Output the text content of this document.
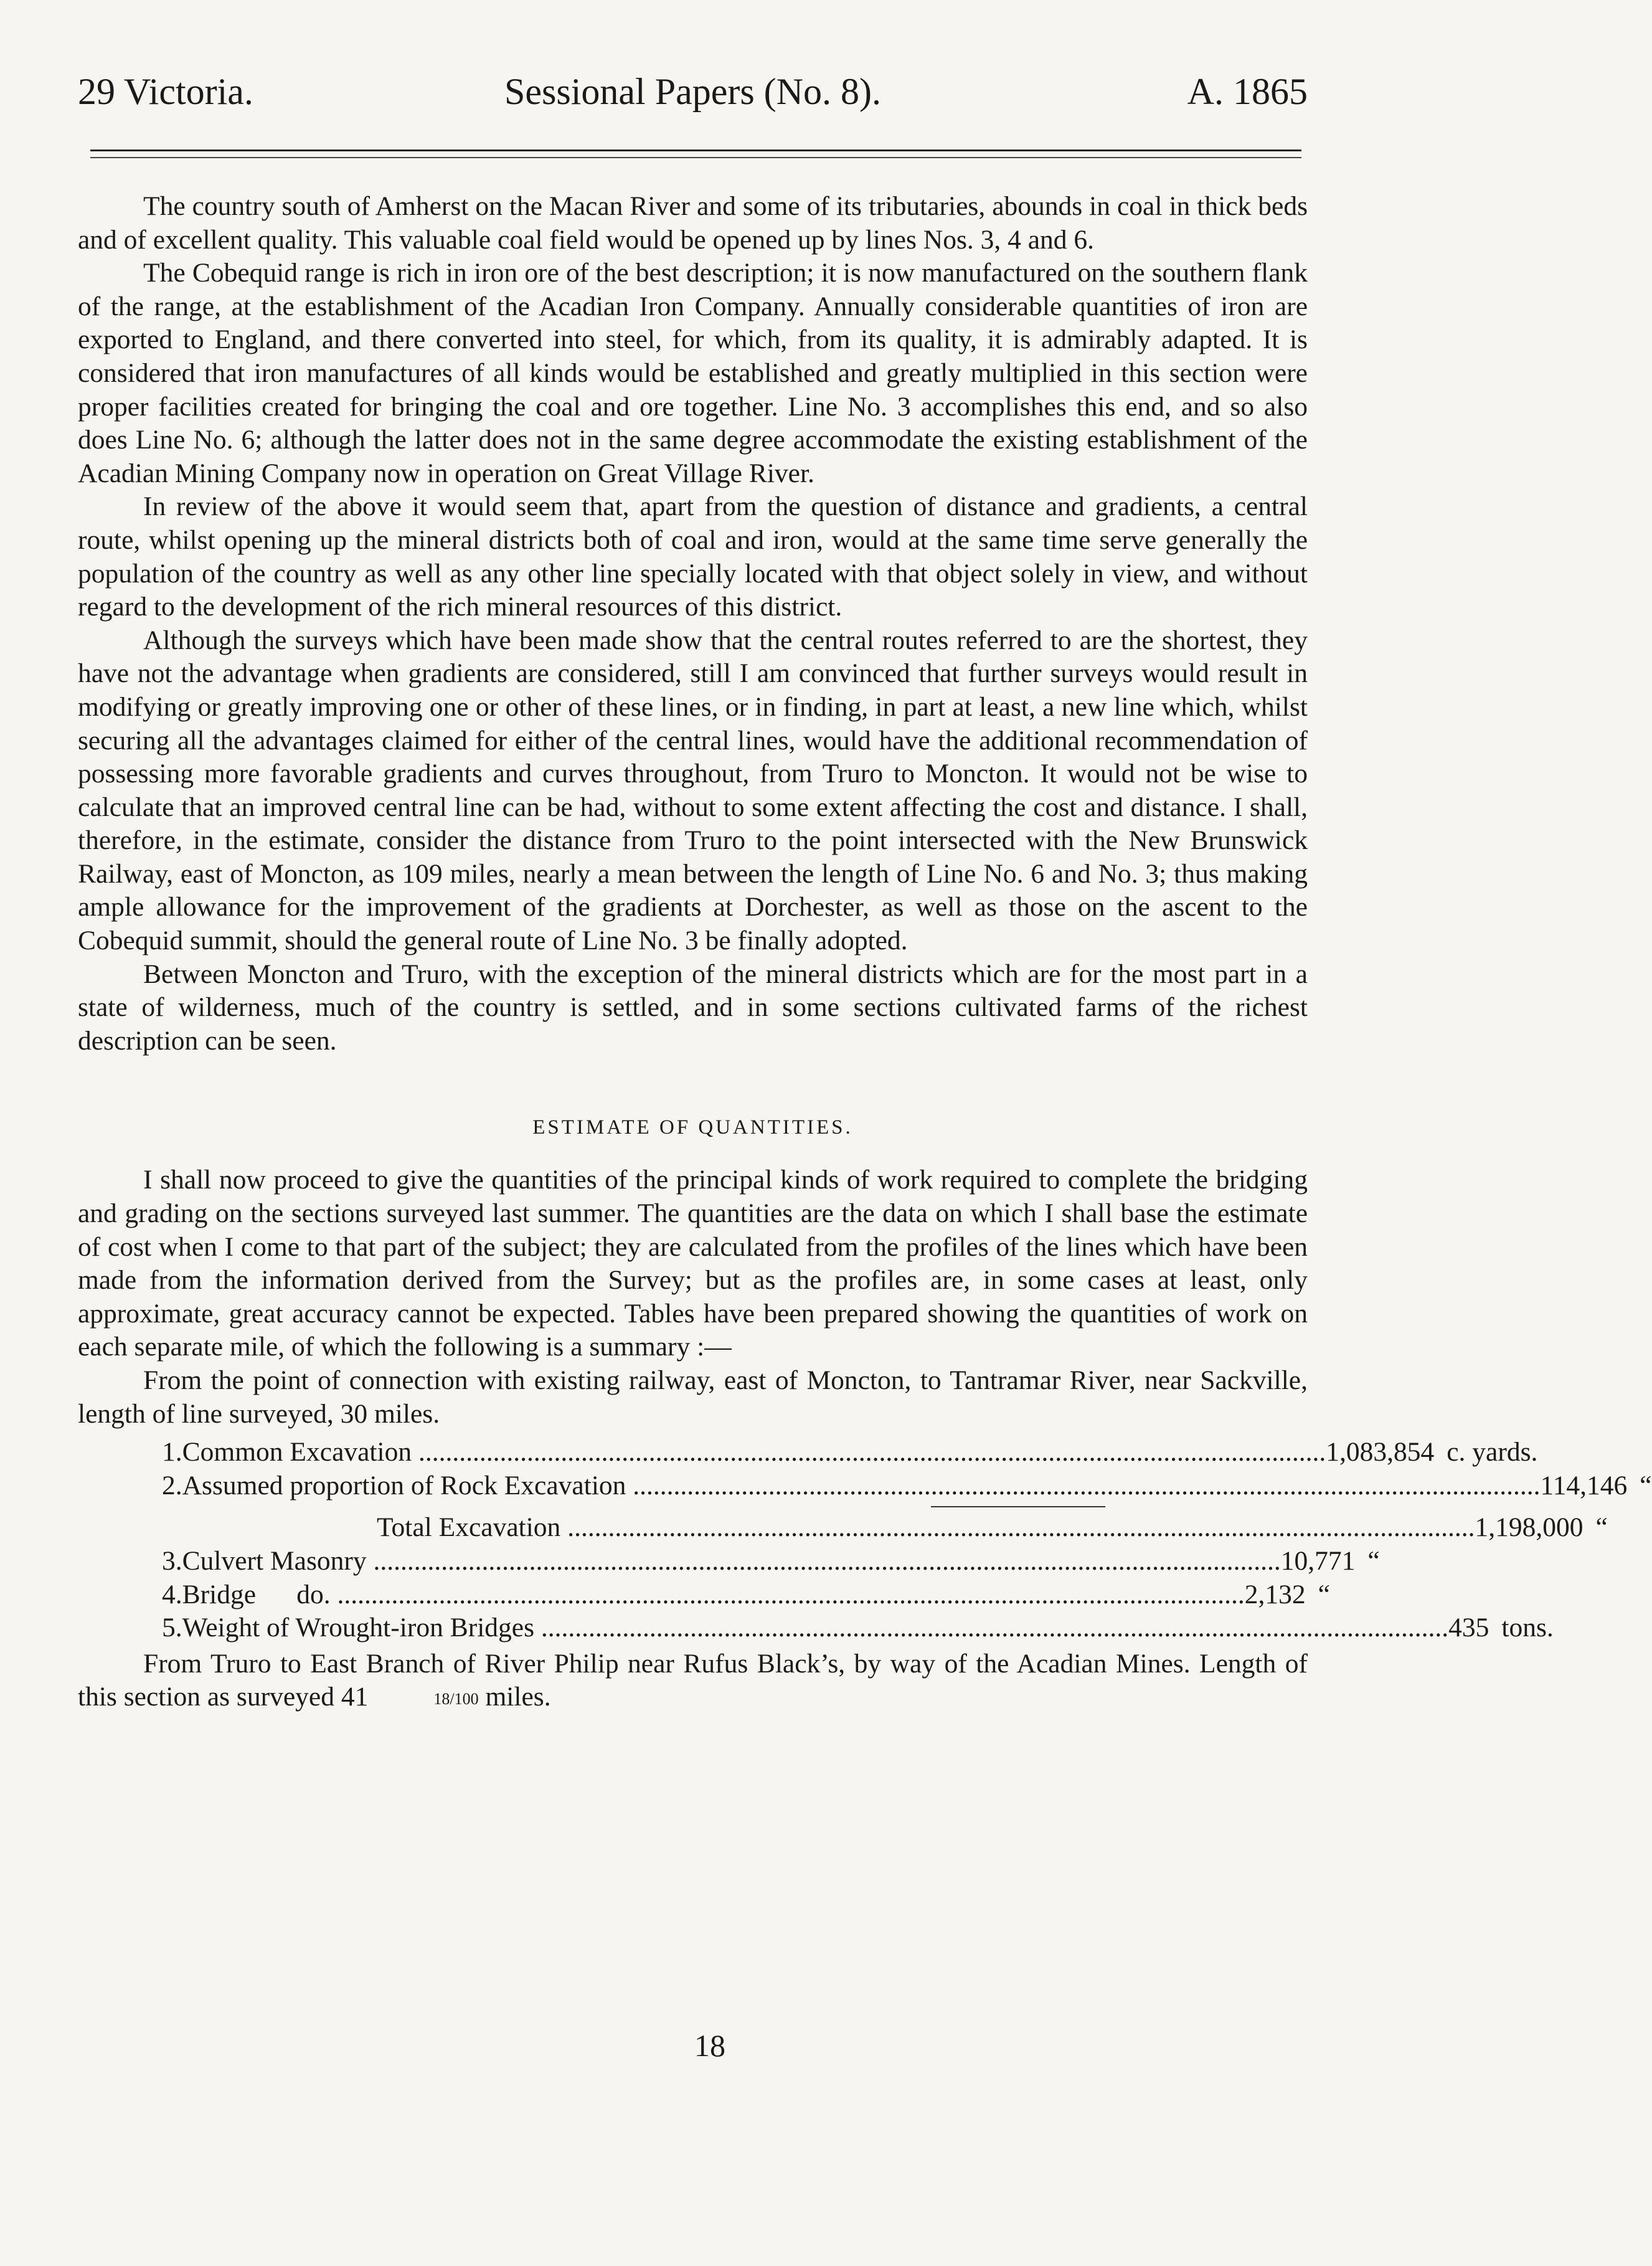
29 Victoria.	Sessional Papers (No. 8).	A. 1865

The country south of Amherst on the Macan River and some of its tributaries, abounds in coal in thick beds and of excellent quality. This valuable coal field would be opened up by lines Nos. 3, 4 and 6.

The Cobequid range is rich in iron ore of the best description; it is now manufactured on the southern flank of the range, at the establishment of the Acadian Iron Company. Annually considerable quantities of iron are exported to England, and there converted into steel, for which, from its quality, it is admirably adapted. It is considered that iron manufactures of all kinds would be established and greatly multiplied in this section were proper facilities created for bringing the coal and ore together. Line No. 3 accomplishes this end, and so also does Line No. 6; although the latter does not in the same degree accommodate the existing establishment of the Acadian Mining Company now in operation on Great Village River.

In review of the above it would seem that, apart from the question of distance and gradients, a central route, whilst opening up the mineral districts both of coal and iron, would at the same time serve generally the population of the country as well as any other line specially located with that object solely in view, and without regard to the development of the rich mineral resources of this district.

Although the surveys which have been made show that the central routes referred to are the shortest, they have not the advantage when gradients are considered, still I am convinced that further surveys would result in modifying or greatly improving one or other of these lines, or in finding, in part at least, a new line which, whilst securing all the advantages claimed for either of the central lines, would have the additional recommendation of possessing more favorable gradients and curves throughout, from Truro to Moncton. It would not be wise to calculate that an improved central line can be had, without to some extent affecting the cost and distance. I shall, therefore, in the estimate, consider the distance from Truro to the point intersected with the New Brunswick Railway, east of Moncton, as 109 miles, nearly a mean between the length of Line No. 6 and No. 3; thus making ample allowance for the improvement of the gradients at Dorchester, as well as those on the ascent to the Cobequid summit, should the general route of Line No. 3 be finally adopted.

Between Moncton and Truro, with the exception of the mineral districts which are for the most part in a state of wilderness, much of the country is settled, and in some sections cultivated farms of the richest description can be seen.

ESTIMATE OF QUANTITIES.

I shall now proceed to give the quantities of the principal kinds of work required to complete the bridging and grading on the sections surveyed last summer. The quantities are the data on which I shall base the estimate of cost when I come to that part of the subject; they are calculated from the profiles of the lines which have been made from the information derived from the Survey; but as the profiles are, in some cases at least, only approximate, great accuracy cannot be expected. Tables have been prepared showing the quantities of work on each separate mile, of which the following is a summary :—

From the point of connection with existing railway, east of Moncton, to Tantramar River, near Sackville, length of line surveyed, 30 miles.

1. Common Excavation ...................................................................................................................................... 1,083,854 c. yards.
2. Assumed proportion of Rock Excavation ...................................................................................................................................... 114,146 “
Total Excavation ...................................................................................................................................... 1,198,000 “
3. Culvert Masonry ...................................................................................................................................... 10,771 “
4. Bridge      do. ...................................................................................................................................... 2,132 “
5. Weight of Wrought-iron Bridges ...................................................................................................................................... 435 tons.

From Truro to East Branch of River Philip near Rufus Black’s, by way of the Acadian Mines. Length of this section as surveyed 41	18/100 miles.

18
